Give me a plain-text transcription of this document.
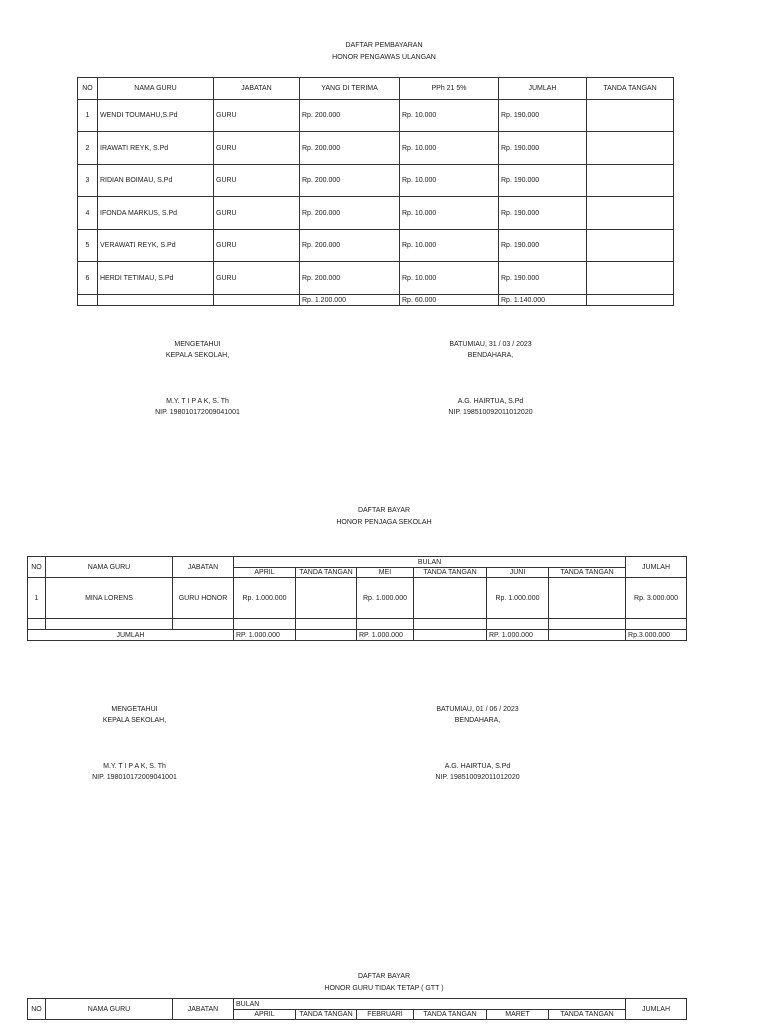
DAFTAR PEMBAYARAN
HONOR PENGAWAS ULANGAN
NO	NAMA GURU	JABATAN	YANG DI TERIMA	PPh 21 5%	JUMLAH	TANDA TANGAN
1	WENDI TOUMAHU,S.Pd	GURU	Rp. 200.000	Rp. 10.000	Rp. 190.000	
2	IRAWATI REYK, S.Pd	GURU	Rp. 200.000	Rp. 10.000	Rp. 190.000	
3	RIDIAN BOIMAU, S.Pd	GURU	Rp. 200.000	Rp. 10.000	Rp. 190.000	
4	IFONDA MARKUS, S.Pd	GURU	Rp. 200.000	Rp. 10.000	Rp. 190.000	
5	VERAWATI REYK, S.Pd	GURU	Rp. 200.000	Rp. 10.000	Rp. 190.000	
6	HERDI TETIMAU, S.Pd	GURU	Rp. 200.000	Rp. 10.000	Rp. 190.000	
			Rp. 1.200.000	Rp. 60.000	Rp. 1.140.000	
MENGETAHUI
KEPALA SEKOLAH,
M.Y. T I P A K, S. Th
NIP. 198010172009041001
BATUMIAU, 31 / 03 / 2023
BENDAHARA,
A.G. HAIRTUA, S.Pd
NIP. 198510092011012020
DAFTAR BAYAR
HONOR PENJAGA SEKOLAH
NO	NAMA GURU	JABATAN	BULAN						JUMLAH
			APRIL	TANDA TANGAN	MEI	TANDA TANGAN	JUNI	TANDA TANGAN	
1	MINA LORENS	GURU HONOR	Rp. 1.000.000		Rp. 1.000.000		Rp. 1.000.000		Rp. 3.000.000

JUMLAH			RP. 1.000.000		RP. 1.000.000		RP. 1.000.000		Rp.3.000.000
MENGETAHUI
KEPALA SEKOLAH,
M.Y. T I P A K, S. Th
NIP. 198010172009041001
BATUMIAU, 01 / 06 / 2023
BENDAHARA,
A.G. HAIRTUA, S.Pd
NIP. 198510092011012020
DAFTAR BAYAR
HONOR GURU TIDAK TETAP ( GTT )
NO	NAMA GURU	JABATAN	BULAN						JUMLAH
			APRIL	TANDA TANGAN	FEBRUARI	TANDA TANGAN	MARET	TANDA TANGAN	
